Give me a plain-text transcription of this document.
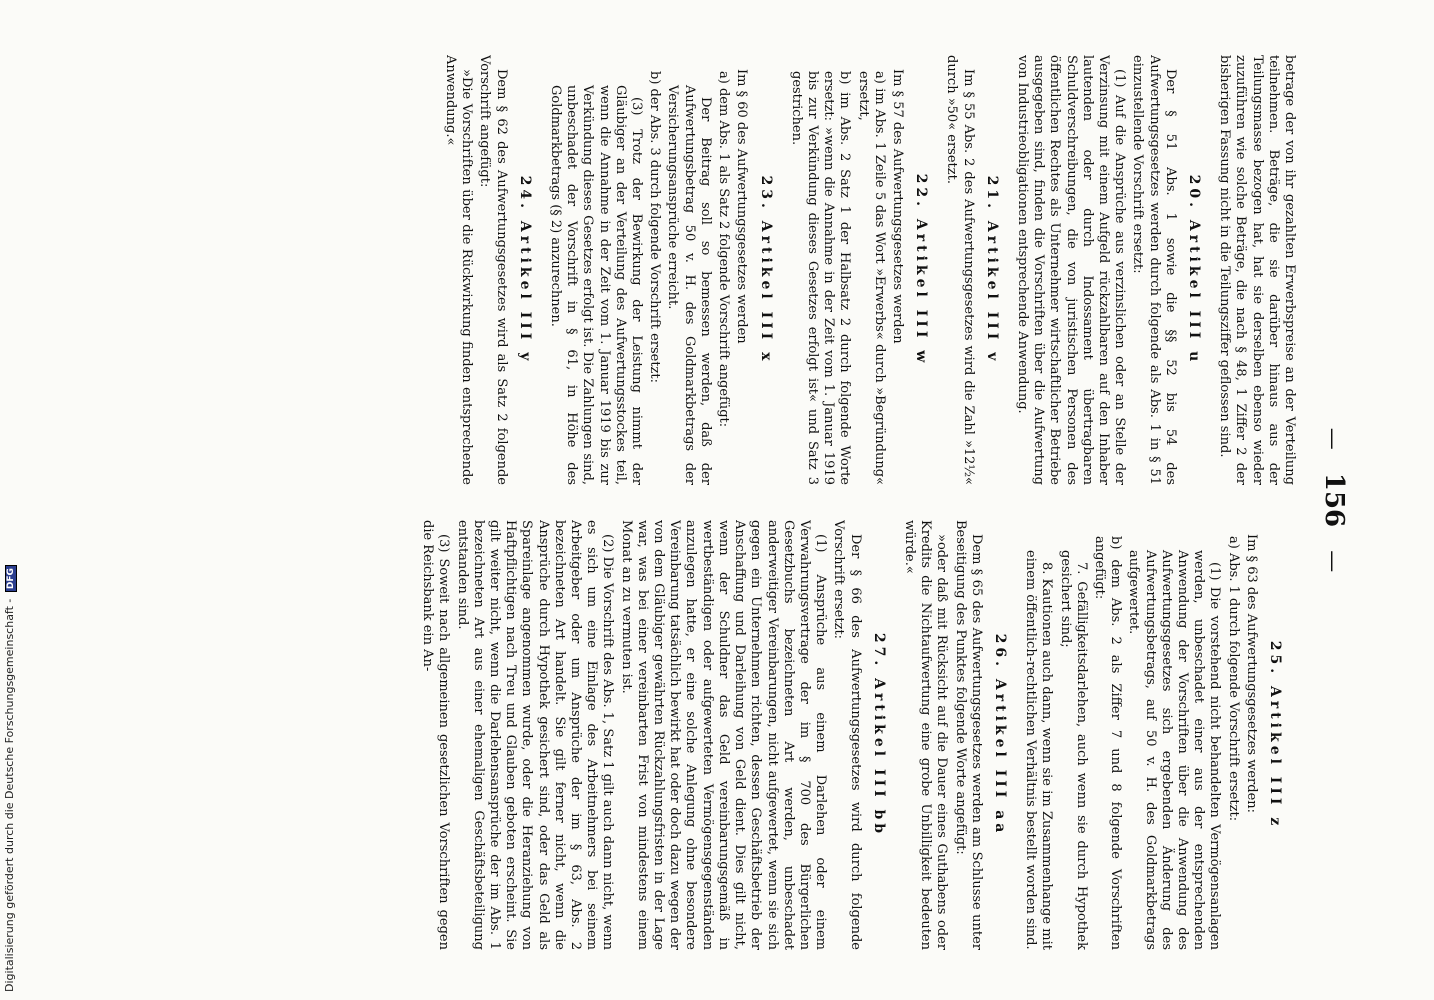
— 156 —

betrage der von ihr gezahlten Erwerbspreise an der Verteilung teilnehmen. Beträge, die sie darüber hinaus aus der Teilungsmasse bezogen hat, hat sie derselben ebenso wieder zuzuführen wie solche Beträge, die nach § 48, 1 Ziffer 2 der bisherigen Fassung nicht in die Teilungsziffer geflossen sind.

20. Artikel III u

Der § 51 Abs. 1 sowie die §§ 52 bis 54 des Aufwertungsgesetzes werden durch folgende als Abs. 1 in § 51 einzustellende Vorschrift ersetzt:

(1) Auf die Ansprüche aus verzinslichen oder an Stelle der Verzinsung mit einem Aufgeld rückzahlbaren auf den Inhaber lautenden oder durch Indossament übertragbaren Schuldverschreibungen, die von juristischen Personen des öffentlichen Rechtes als Unternehmer wirtschaftlicher Betriebe ausgegeben sind, finden die Vorschriften über die Aufwertung von Industrieobligationen entsprechende Anwendung.

21. Artikel III v

Im § 55 Abs. 2 des Aufwertungsgesetzes wird die Zahl »12½« durch »50« ersetzt.

22. Artikel III w

Im § 57 des Aufwertungsgesetzes werden

a) im Abs. 1 Zeile 5 das Wort »Erwerbs« durch »Begründung« ersetzt,

b) im Abs. 2 Satz 1 der Halbsatz 2 durch folgende Worte ersetzt: »wenn die Annahme in der Zeit vom 1. Januar 1919 bis zur Verkündung dieses Gesetzes erfolgt ist« und Satz 3 gestrichen.

23. Artikel III x

Im § 60 des Aufwertungsgesetzes werden

a) dem Abs. 1 als Satz 2 folgende Vorschrift angefügt:

Der Beitrag soll so bemessen werden, daß der Aufwertungsbetrag 50 v. H. des Goldmarkbetrags der Versicherungsansprüche erreicht.

b) der Abs. 3 durch folgende Vorschrift ersetzt:

(3) Trotz der Bewirkung der Leistung nimmt der Gläubiger an der Verteilung des Aufwertungsstockes teil, wenn die Annahme in der Zeit vom 1. Januar 1919 bis zur Verkündung dieses Gesetzes erfolgt ist. Die Zahlungen sind, unbeschadet der Vorschrift in § 61, in Höhe des Goldmarkbetrags (§ 2) anzurechnen.

24. Artikel III y

Dem § 62 des Aufwertungsgesetzes wird als Satz 2 folgende Vorschrift angefügt:

»Die Vorschriften über die Rückwirkung finden entsprechende Anwendung.«

25. Artikel III z

Im § 63 des Aufwertungsgesetzes werden:

a) Abs. 1 durch folgende Vorschrift ersetzt:

(1) Die vorstehend nicht behandelten Vermögensanlagen werden, unbeschadet einer aus der entsprechenden Anwendung der Vorschriften über die Anwendung des Aufwertungsgesetzes sich ergebenden Änderung des Aufwertungsbetrags, auf 50 v. H. des Goldmarkbetrags aufgewertet.

b) dem Abs. 2 als Ziffer 7 und 8 folgende Vorschriften angefügt:

7. Gefälligkeitsdarlehen, auch wenn sie durch Hypothek gesichert sind;

8. Kautionen auch dann, wenn sie im Zusammenhange mit einem öffentlich-rechtlichen Verhältnis bestellt worden sind.

26. Artikel III aa

Dem § 65 des Aufwertungsgesetzes werden am Schlusse unter Beseitigung des Punktes folgende Worte angefügt:

»oder daß mit Rücksicht auf die Dauer eines Guthabens oder Kredits die Nichtaufwertung eine grobe Unbilligkeit bedeuten würde.«

27. Artikel III bb

Der § 66 des Aufwertungsgesetzes wird durch folgende Vorschrift ersetzt:

(1) Ansprüche aus einem Darlehen oder einem Verwahrungsvertrage der im § 700 des Bürgerlichen Gesetzbuchs bezeichneten Art werden, unbeschadet anderweitiger Vereinbarungen, nicht aufgewertet, wenn sie sich gegen ein Unternehmen richten, dessen Geschäftsbetrieb der Anschaffung und Darleihung von Geld dient. Dies gilt nicht, wenn der Schuldner das Geld vereinbarungsgemäß in wertbeständigen oder aufgewerteten Vermögensgegenständen anzulegen hatte, er eine solche Anlegung ohne besondere Vereinbarung tatsächlich bewirkt hat oder doch dazu wegen der von dem Gläubiger gewährten Rückzahlungsfristen in der Lage war, was bei einer vereinbarten Frist von mindestens einem Monat an zu vermuten ist.

(2) Die Vorschrift des Abs. 1, Satz 1 gilt auch dann nicht, wenn es sich um eine Einlage des Arbeitnehmers bei seinem Arbeitgeber oder um Ansprüche der im § 63, Abs. 2 bezeichneten Art handelt. Sie gilt ferner nicht, wenn die Ansprüche durch Hypothek gesichert sind, oder das Geld als Spareinlage angenommen wurde, oder die Heranziehung von Haftpflichtigen nach Treu und Glauben geboten erscheint. Sie gilt weiter nicht, wenn die Darlehensansprüche der im Abs. 1 bezeichneten Art aus einer ehemaligen Geschäftsbeteiligung entstanden sind.

(3) Soweit nach allgemeinen gesetzlichen Vorschriften gegen die Reichsbank ein An-

Digitalisierung gefördert durch die Deutsche Forschungsgemeinschaft - DFG
